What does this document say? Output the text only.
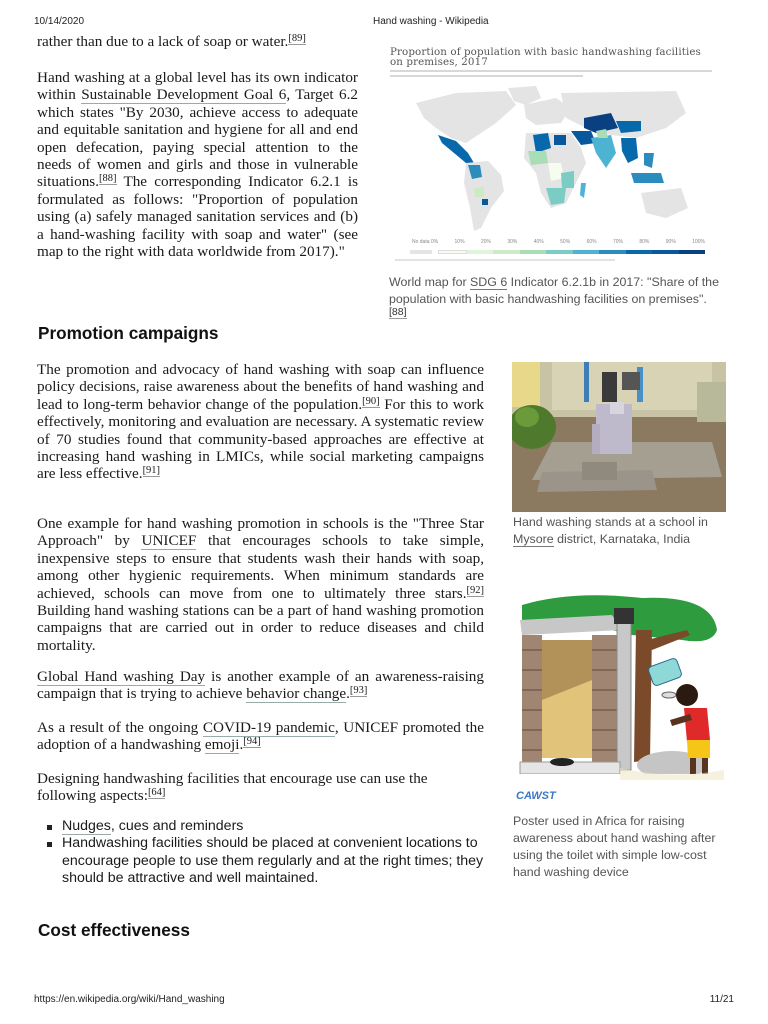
10/14/2020	Hand washing - Wikipedia

rather than due to a lack of soap or water.[89]

Hand washing at a global level has its own indicator within Sustainable Development Goal 6, Target 6.2 which states "By 2030, achieve access to adequate and equitable sanitation and hygiene for all and end open defecation, paying special attention to the needs of women and girls and those in vulnerable situations.[88] The corresponding Indicator 6.2.1 is formulated as follows: "Proportion of population using (a) safely managed sanitation services and (b) a hand-washing facility with soap and water" (see map to the right with data worldwide from 2017)."

Proportion of population with basic handwashing facilities on premises, 2017
No data 0%	10%	20%	30%	40%	50%	60%	70%	80%	90%	100%
World map for SDG 6 Indicator 6.2.1b in 2017: "Share of the population with basic handwashing facilities on premises".[88]
Promotion campaigns

The promotion and advocacy of hand washing with soap can influence policy decisions, raise awareness about the benefits of hand washing and lead to long-term behavior change of the population.[90] For this to work effectively, monitoring and evaluation are necessary. A systematic review of 70 studies found that community-based approaches are effective at increasing hand washing in LMICs, while social marketing campaigns are less effective.[91]

One example for hand washing promotion in schools is the "Three Star Approach" by UNICEF that encourages schools to take simple, inexpensive steps to ensure that students wash their hands with soap, among other hygienic requirements. When minimum standards are achieved, schools can move from one to ultimately three stars.[92] Building hand washing stations can be a part of hand washing promotion campaigns that are carried out in order to reduce diseases and child mortality.

Global Hand washing Day is another example of an awareness-raising campaign that is trying to achieve behavior change.[93]

As a result of the ongoing COVID-19 pandemic, UNICEF promoted the adoption of a handwashing emoji.[94]

Designing handwashing facilities that encourage use can use the following aspects:[64]

Nudges, cues and reminders
Handwashing facilities should be placed at convenient locations to encourage people to use them regularly and at the right times; they should be attractive and well maintained.
Hand washing stands at a school in Mysore district, Karnataka, India
CAWST
Poster used in Africa for raising awareness about hand washing after using the toilet with simple low-cost hand washing device
Cost effectiveness
https://en.wikipedia.org/wiki/Hand_washing	11/21
